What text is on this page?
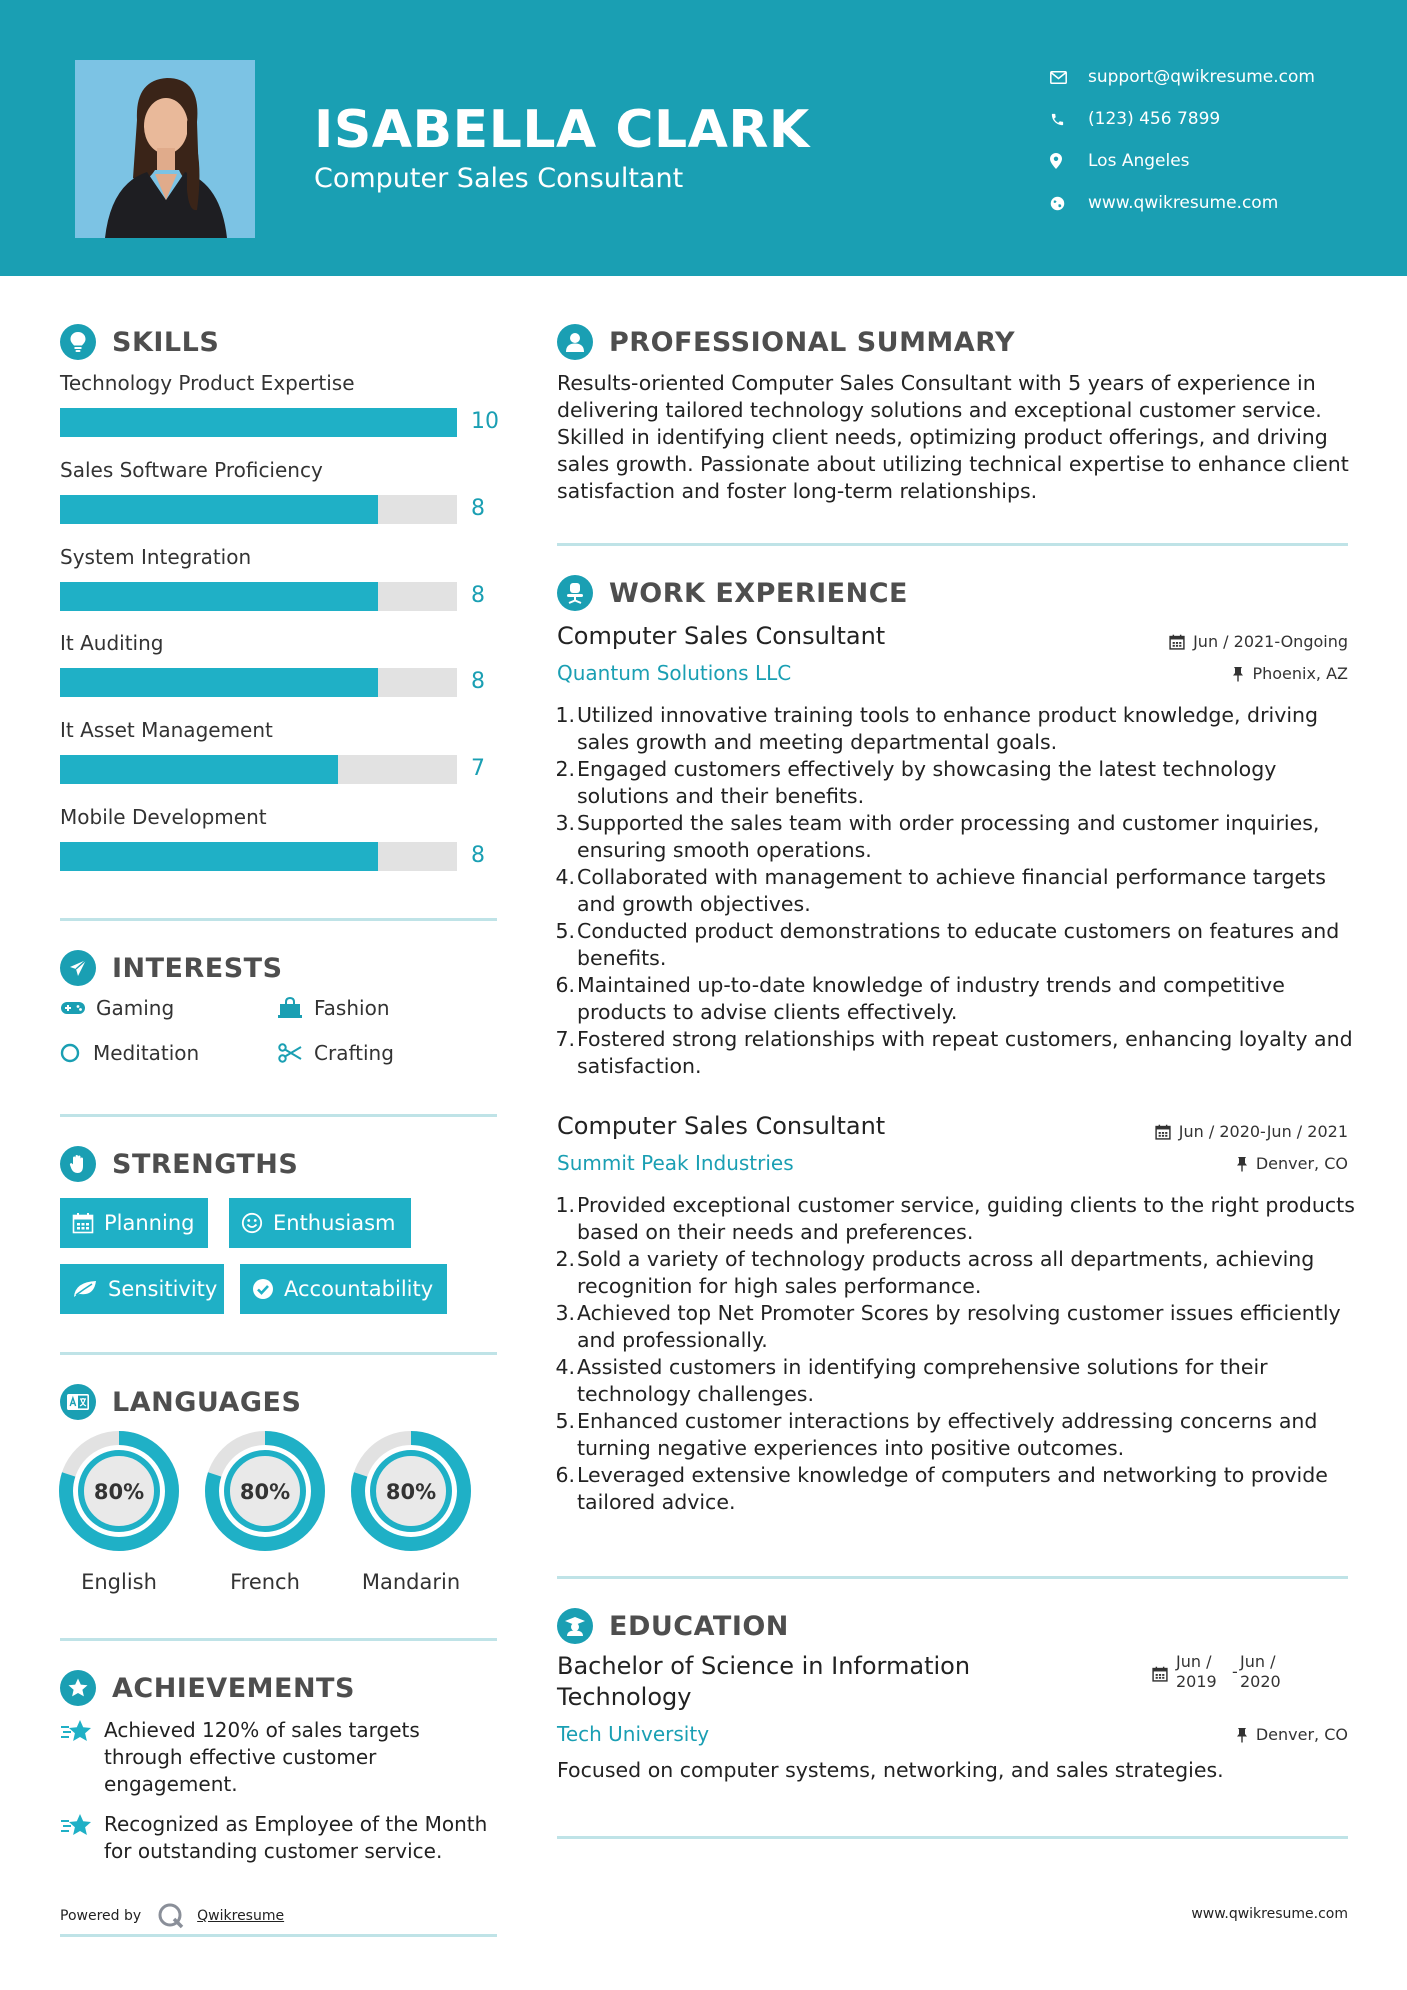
ISABELLA CLARK
Computer Sales Consultant
support@qwikresume.com
(123) 456 7899
Los Angeles
www.qwikresume.com
SKILLS
Technology Product Expertise
10
Sales Software Proficiency
8
System Integration
8
It Auditing
8
It Asset Management
7
Mobile Development
8
INTERESTS
Gaming	Fashion
Meditation	Crafting
STRENGTHS
Planning	Enthusiasm
Sensitivity	Accountability
LANGUAGES
80%
English
80%
French
80%
Mandarin
ACHIEVEMENTS
Achieved 120% of sales targets through effective customer engagement.
Recognized as Employee of the Month for outstanding customer service.
Powered by	Qwikresume
PROFESSIONAL SUMMARY
Results-oriented Computer Sales Consultant with 5 years of experience in delivering tailored technology solutions and exceptional customer service. Skilled in identifying client needs, optimizing product offerings, and driving sales growth. Passionate about utilizing technical expertise to enhance client satisfaction and foster long-term relationships.
WORK EXPERIENCE
Computer Sales Consultant	Jun / 2021-Ongoing
Quantum Solutions LLC	Phoenix, AZ
1. Utilized innovative training tools to enhance product knowledge, driving sales growth and meeting departmental goals.
2. Engaged customers effectively by showcasing the latest technology solutions and their benefits.
3. Supported the sales team with order processing and customer inquiries, ensuring smooth operations.
4. Collaborated with management to achieve financial performance targets and growth objectives.
5. Conducted product demonstrations to educate customers on features and benefits.
6. Maintained up-to-date knowledge of industry trends and competitive products to advise clients effectively.
7. Fostered strong relationships with repeat customers, enhancing loyalty and satisfaction.
Computer Sales Consultant	Jun / 2020-Jun / 2021
Summit Peak Industries	Denver, CO
1. Provided exceptional customer service, guiding clients to the right products based on their needs and preferences.
2. Sold a variety of technology products across all departments, achieving recognition for high sales performance.
3. Achieved top Net Promoter Scores by resolving customer issues efficiently and professionally.
4. Assisted customers in identifying comprehensive solutions for their technology challenges.
5. Enhanced customer interactions by effectively addressing concerns and turning negative experiences into positive outcomes.
6. Leveraged extensive knowledge of computers and networking to provide tailored advice.
EDUCATION
Bachelor of Science in Information Technology
Jun / 2019
-
Jun / 2020
Tech University	Denver, CO
Focused on computer systems, networking, and sales strategies.
www.qwikresume.com
